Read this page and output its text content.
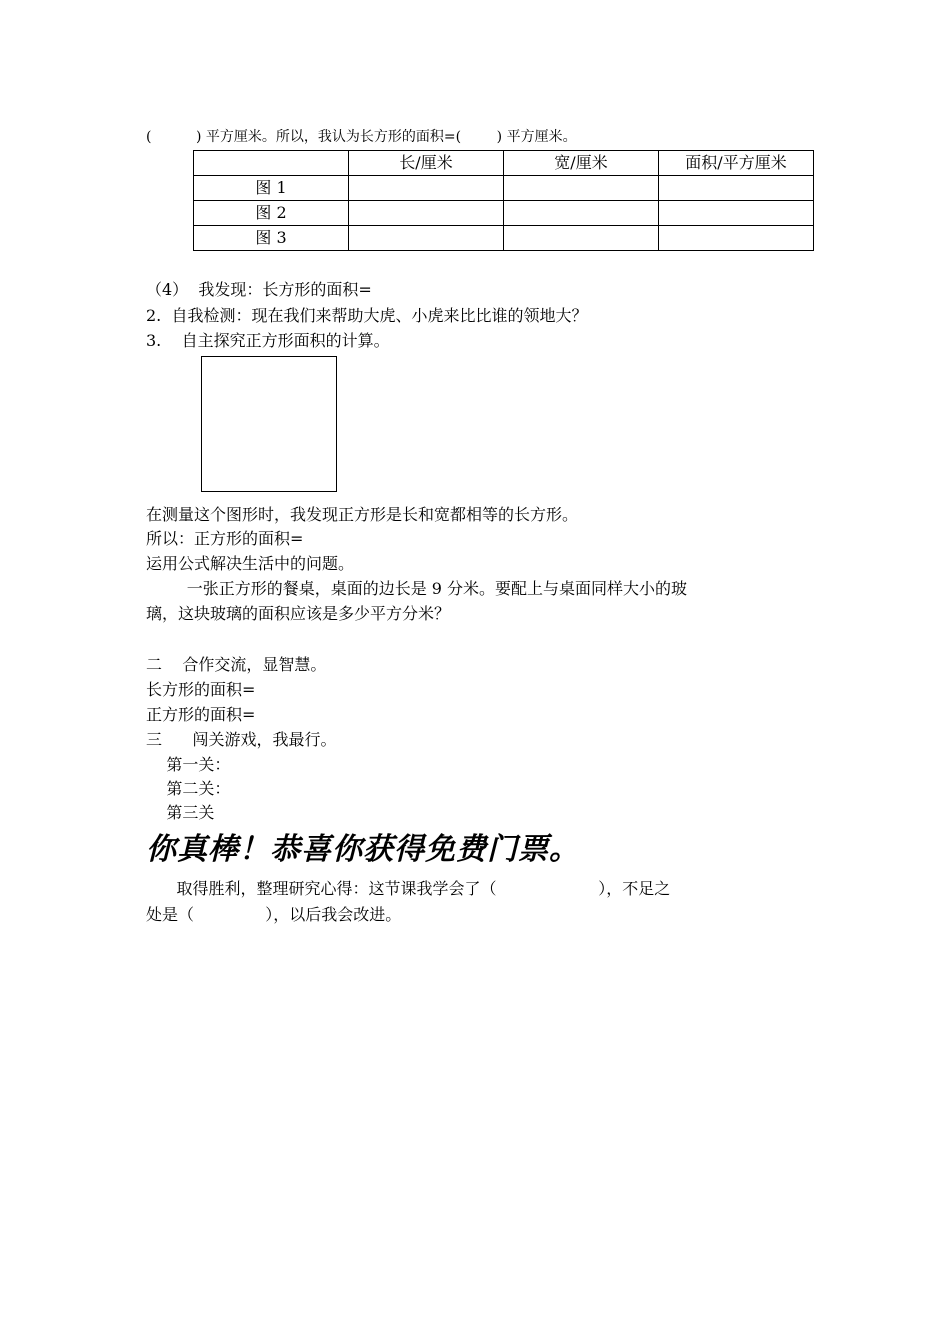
(          ) 平方厘米。所以，我认为长方形的面积=(        ) 平方厘米。
	长/厘米	宽/厘米	面积/平方厘米
图 1			
图 2			
图 3			
（4）  我发现：长方形的面积=
2.  自我检测：现在我们来帮助大虎、小虎来比比谁的领地大？
3.    自主探究正方形面积的计算。
在测量这个图形时，我发现正方形是长和宽都相等的长方形。
所以：正方形的面积=
运用公式解决生活中的问题。
一张正方形的餐桌，桌面的边长是 9 分米。要配上与桌面同样大小的玻
璃，这块玻璃的面积应该是多少平方分米？
二    合作交流，显智慧。
长方形的面积=
正方形的面积=
三      闯关游戏，我最行。
第一关：
第二关：
第三关
你真棒！恭喜你获得免费门票。
取得胜利，整理研究心得：这节课我学会了（                    ），不足之
处是（              ），以后我会改进。
